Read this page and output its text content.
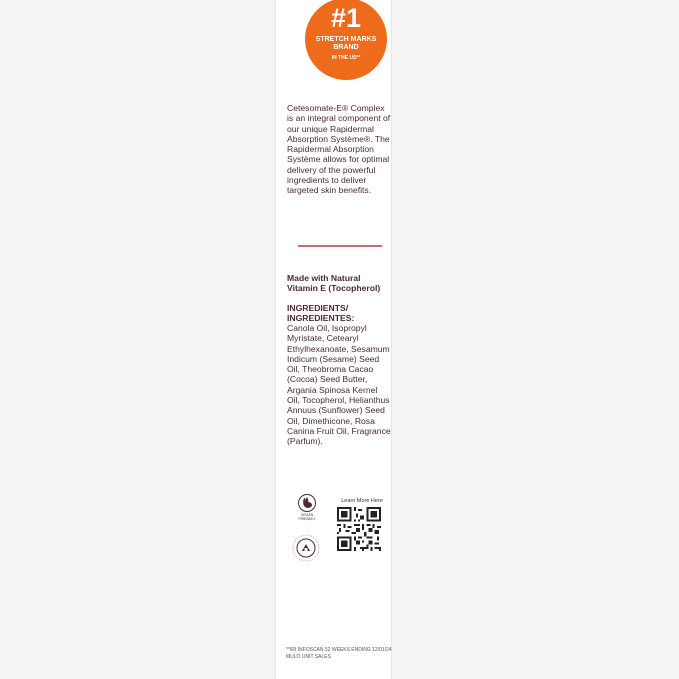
#1
STRETCH MARKS
BRAND
IN THE US**
Cetesomate-E® Complex is an integral component of our unique Rapidermal Absorption Système®. The Rapidermal Absorption Système allows for optimal delivery of the powerful ingredients to deliver targeted skin benefits.
Made with Natural Vitamin E (Tocopherol)
INGREDIENTS/ INGREDIENTES:
Canola Oil, Isopropyl Myristate, Cetearyl Ethylhexanoate, Sesamum Indicum (Sesame) Seed Oil, Theobroma Cacao (Cocoa) Seed Butter, Argania Spinosa Kernel Oil, Tocopherol, Helianthus Annuus (Sunflower) Seed Oil, Dimethicone, Rosa Canina Fruit Oil, Fragrance (Parfum).
VEGAN FRIENDLY
Learn More Here
**IRI INFOSCAN 52 WEEKS ENDING 12/01/24 MULO UNIT SALES
